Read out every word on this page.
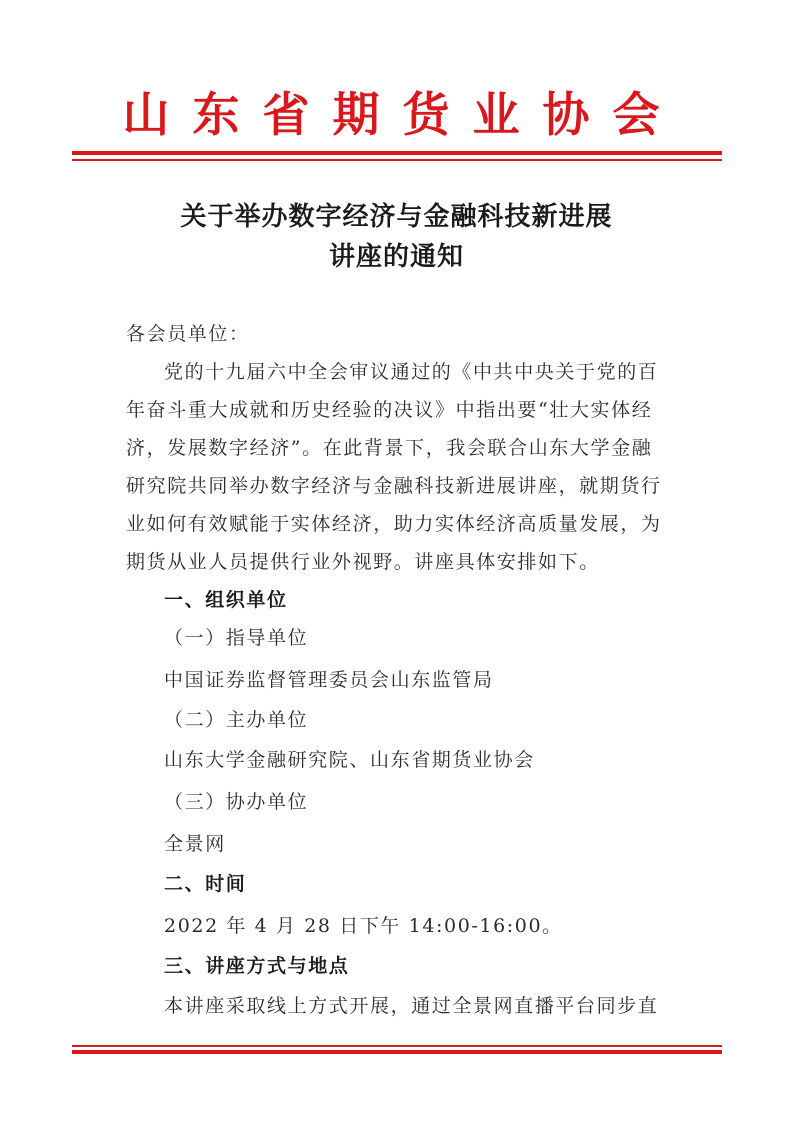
山东省期货业协会
关于举办数字经济与金融科技新进展
讲座的通知
各会员单位：
党的十九届六中全会审议通过的《中共中央关于党的百
年奋斗重大成就和历史经验的决议》中指出要“壮大实体经
济，发展数字经济”。在此背景下，我会联合山东大学金融
研究院共同举办数字经济与金融科技新进展讲座，就期货行
业如何有效赋能于实体经济，助力实体经济高质量发展，为
期货从业人员提供行业外视野。讲座具体安排如下。
一、组织单位
（一）指导单位
中国证券监督管理委员会山东监管局
（二）主办单位
山东大学金融研究院、山东省期货业协会
（三）协办单位
全景网
二、时间
2022 年 4 月 28 日下午 14:00-16:00。
三、讲座方式与地点
本讲座采取线上方式开展，通过全景网直播平台同步直
